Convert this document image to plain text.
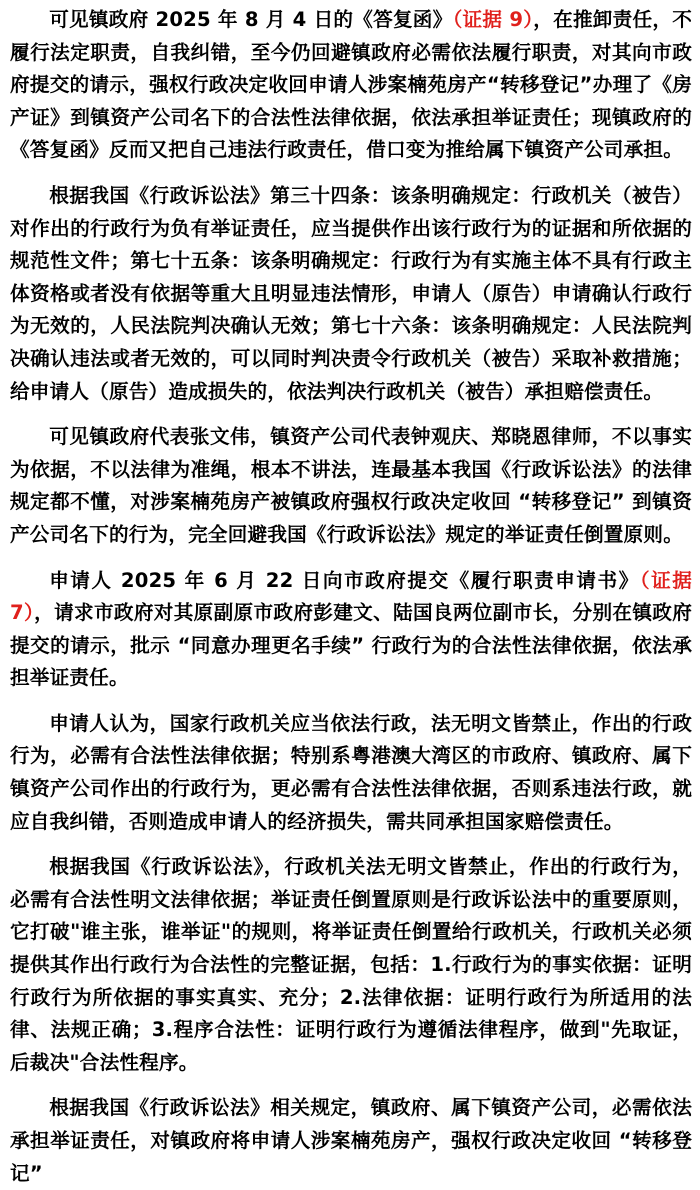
可见镇政府 2025 年 8 月 4 日的《答复函》（证据 9），在推卸责任，不履行法定职责，自我纠错，至今仍回避镇政府必需依法履行职责，对其向市政府提交的请示，强权行政决定收回申请人涉案楠苑房产“转移登记”办理了《房产证》到镇资产公司名下的合法性法律依据，依法承担举证责任；现镇政府的《答复函》反而又把自己违法行政责任，借口变为推给属下镇资产公司承担。

根据我国《行政诉讼法》第三十四条：该条明确规定：行政机关（被告）对作出的行政行为负有举证责任，应当提供作出该行政行为的证据和所依据的规范性文件；第七十五条：该条明确规定：行政行为有实施主体不具有行政主体资格或者没有依据等重大且明显违法情形，申请人（原告）申请确认行政行为无效的，人民法院判决确认无效；第七十六条：该条明确规定：人民法院判决确认违法或者无效的，可以同时判决责令行政机关（被告）采取补救措施；给申请人（原告）造成损失的，依法判决行政机关（被告）承担赔偿责任。

可见镇政府代表张文伟，镇资产公司代表钟观庆、郑晓恩律师，不以事实为依据，不以法律为准绳，根本不讲法，连最基本我国《行政诉讼法》的法律规定都不懂，对涉案楠苑房产被镇政府强权行政决定收回 “转移登记” 到镇资产公司名下的行为，完全回避我国《行政诉讼法》规定的举证责任倒置原则。

申请人 2025 年 6 月 22 日向市政府提交《履行职责申请书》（证据 7），请求市政府对其原副原市政府彭建文、陆国良两位副市长，分别在镇政府提交的请示，批示 “同意办理更名手续” 行政行为的合法性法律依据，依法承担举证责任。

申请人认为，国家行政机关应当依法行政，法无明文皆禁止，作出的行政行为，必需有合法性法律依据；特别系粤港澳大湾区的市政府、镇政府、属下镇资产公司作出的行政行为，更必需有合法性法律依据，否则系违法行政，就应自我纠错，否则造成申请人的经济损失，需共同承担国家赔偿责任。

根据我国《行政诉讼法》，行政机关法无明文皆禁止，作出的行政行为，必需有合法性明文法律依据；举证责任倒置原则是行政诉讼法中的重要原则，它打破"谁主张，谁举证"的规则，将举证责任倒置给行政机关，行政机关必须提供其作出行政行为合法性的完整证据，包括：1.行政行为的事实依据：证明行政行为所依据的事实真实、充分；2.法律依据：证明行政行为所适用的法律、法规正确；3.程序合法性：证明行政行为遵循法律程序，做到"先取证，后裁决"合法性程序。

根据我国《行政诉讼法》相关规定，镇政府、属下镇资产公司，必需依法承担举证责任，对镇政府将申请人涉案楠苑房产，强权行政决定收回 “转移登记”
